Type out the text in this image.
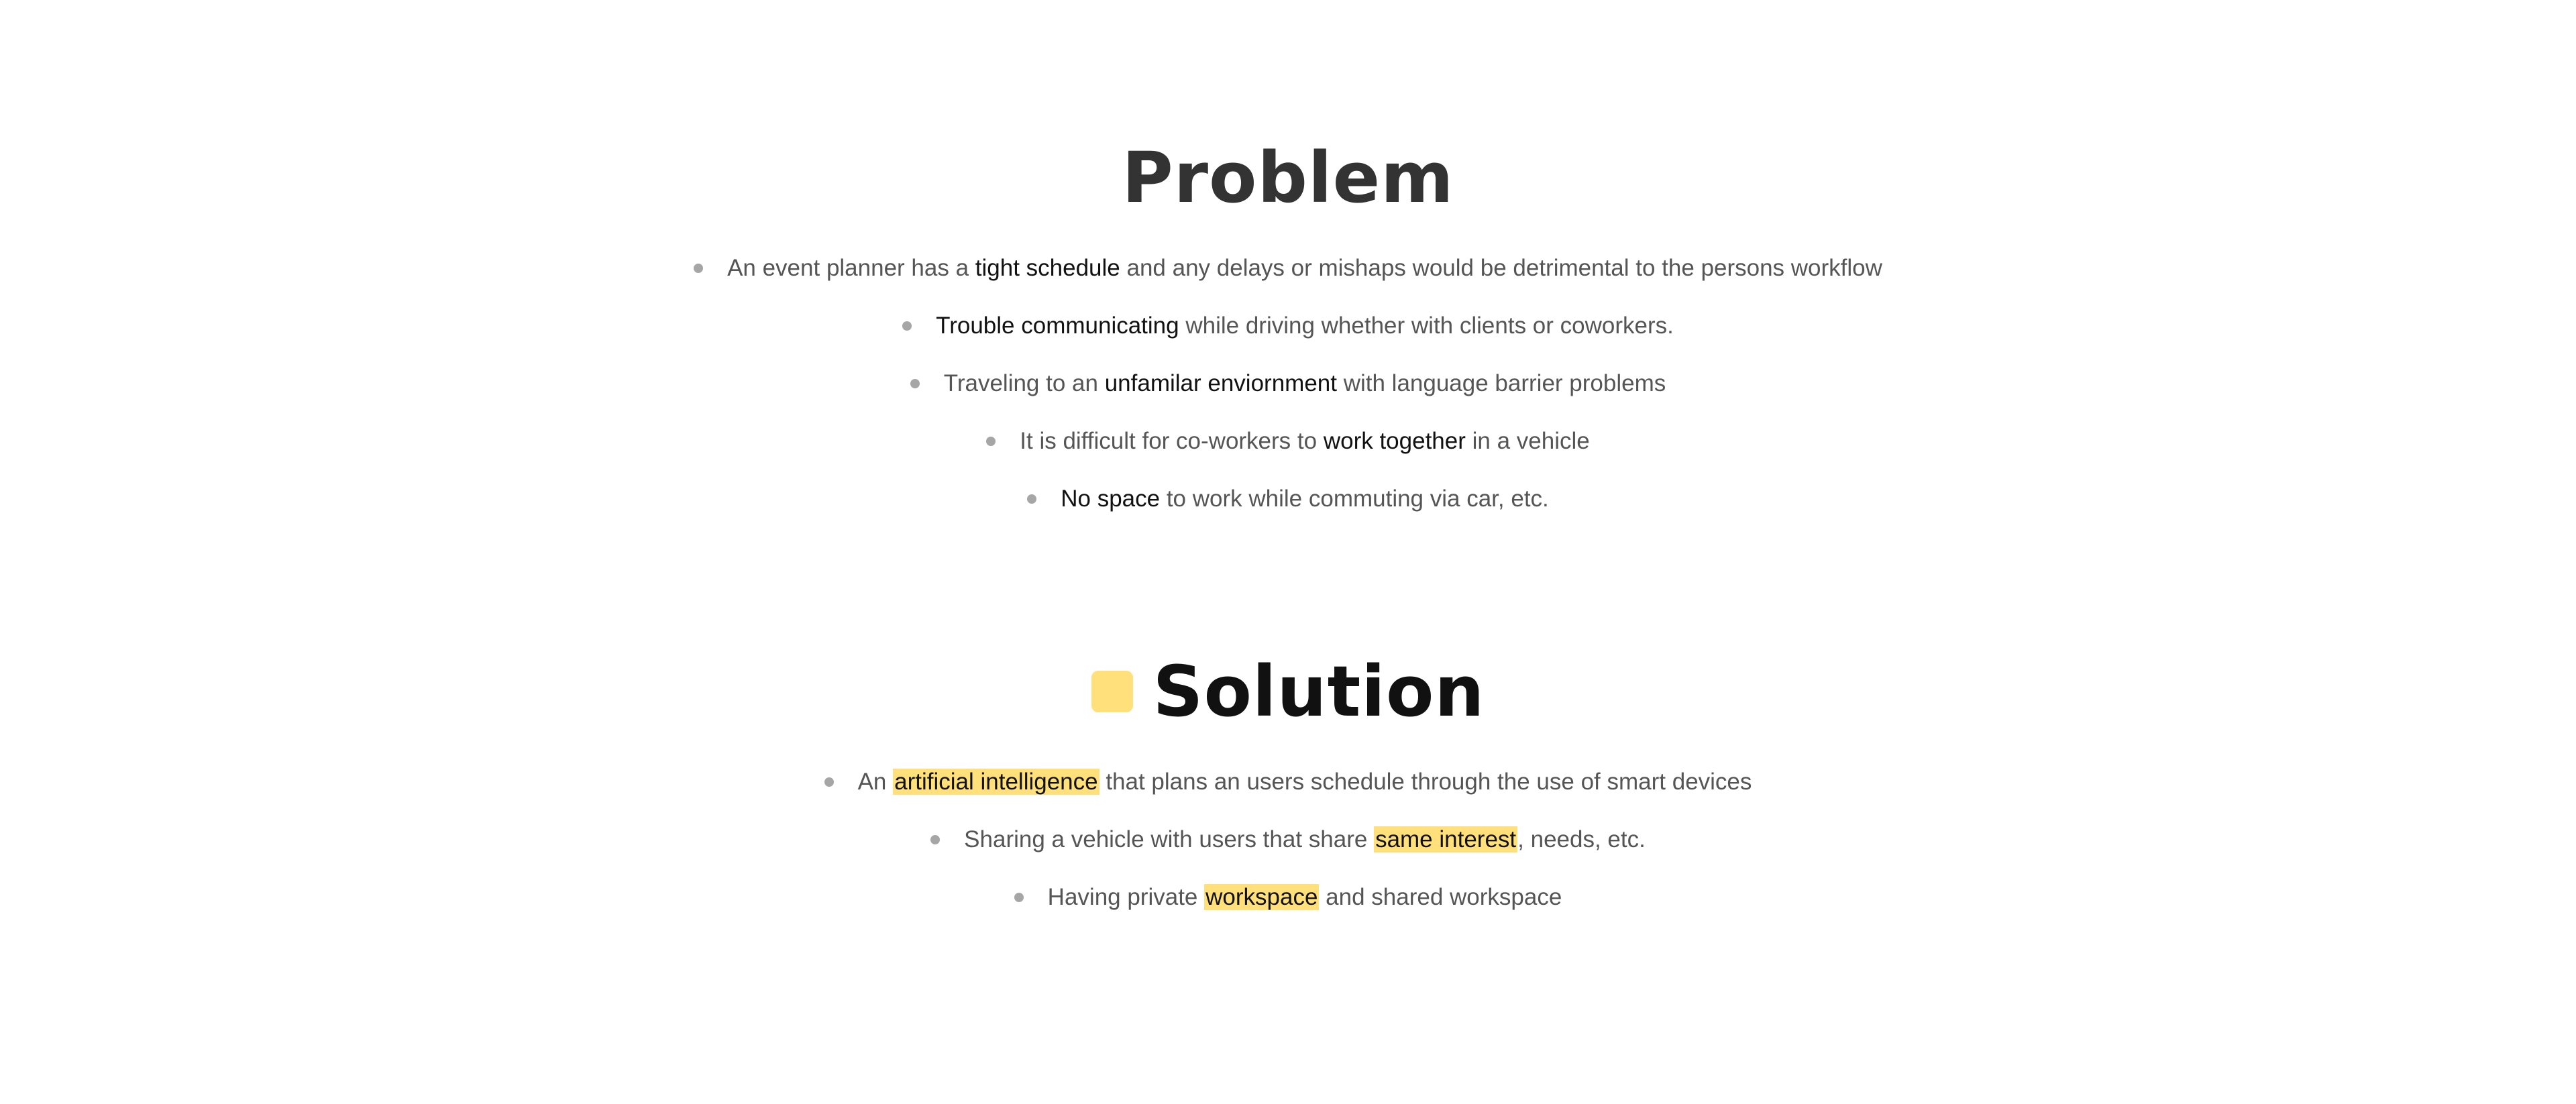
Problem
An event planner has a tight schedule and any delays or mishaps would be detrimental to the persons workflow
Trouble communicating while driving whether with clients or coworkers.
Traveling to an unfamilar enviornment with language barrier problems
It is difficult for co-workers to work together in a vehicle
No space to work while commuting via car, etc.
Solution
An artificial intelligence that plans an users schedule through the use of smart devices
Sharing a vehicle with users that share same interest, needs, etc.
Having private workspace and shared workspace
